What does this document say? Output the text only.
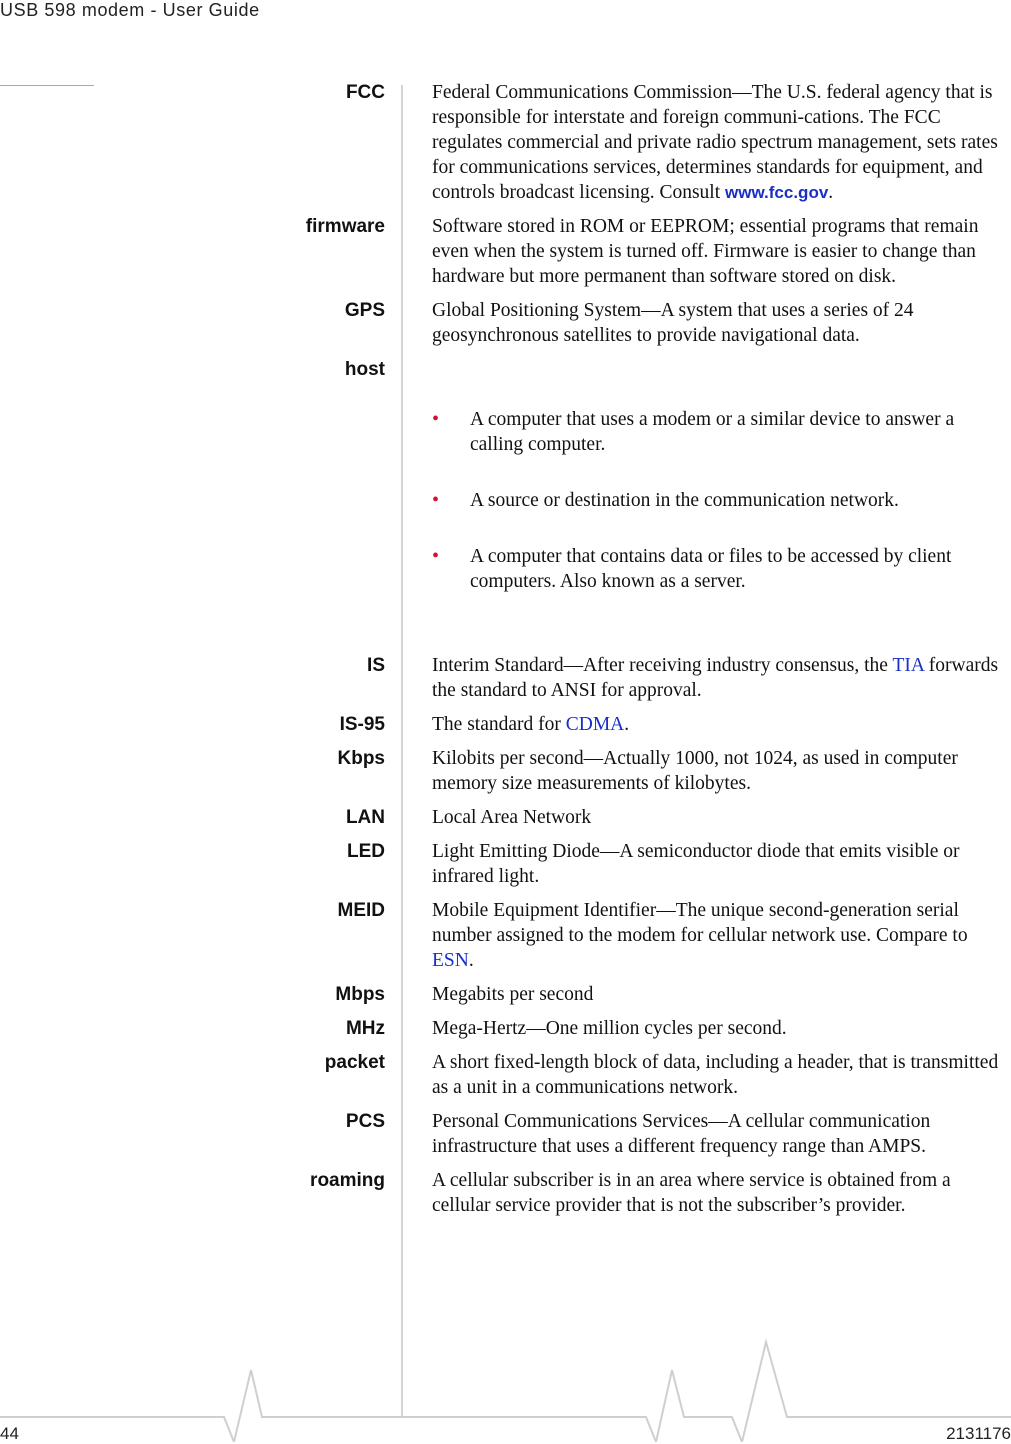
USB 598 modem - User Guide
FCC Federal Communications Commission—The U.S. federal agency that is responsible for interstate and foreign communi-cations. The FCC regulates commercial and private radio spectrum management, sets rates for communications services, determines standards for equipment, and controls broadcast licensing. Consult www.fcc.gov.
firmware Software stored in ROM or EEPROM; essential programs that remain even when the system is turned off. Firmware is easier to change than hardware but more permanent than software stored on disk.
GPS Global Positioning System—A system that uses a series of 24 geosynchronous satellites to provide navigational data.
host

• A computer that uses a modem or a similar device to answer a calling computer.

• A source or destination in the communication network.

• A computer that contains data or files to be accessed by client computers. Also known as a server.

IS Interim Standard—After receiving industry consensus, the TIA forwards the standard to ANSI for approval.
IS-95 The standard for CDMA.
Kbps Kilobits per second—Actually 1000, not 1024, as used in computer memory size measurements of kilobytes.
LAN Local Area Network
LED Light Emitting Diode—A semiconductor diode that emits visible or infrared light.
MEID Mobile Equipment Identifier—The unique second-generation serial number assigned to the modem for cellular network use. Compare to ESN.
Mbps Megabits per second
MHz Mega-Hertz—One million cycles per second.
packet A short fixed-length block of data, including a header, that is transmitted as a unit in a communications network.
PCS Personal Communications Services—A cellular communication infrastructure that uses a different frequency range than AMPS.
roaming A cellular subscriber is in an area where service is obtained from a cellular service provider that is not the subscriber’s provider.
44	2131176
